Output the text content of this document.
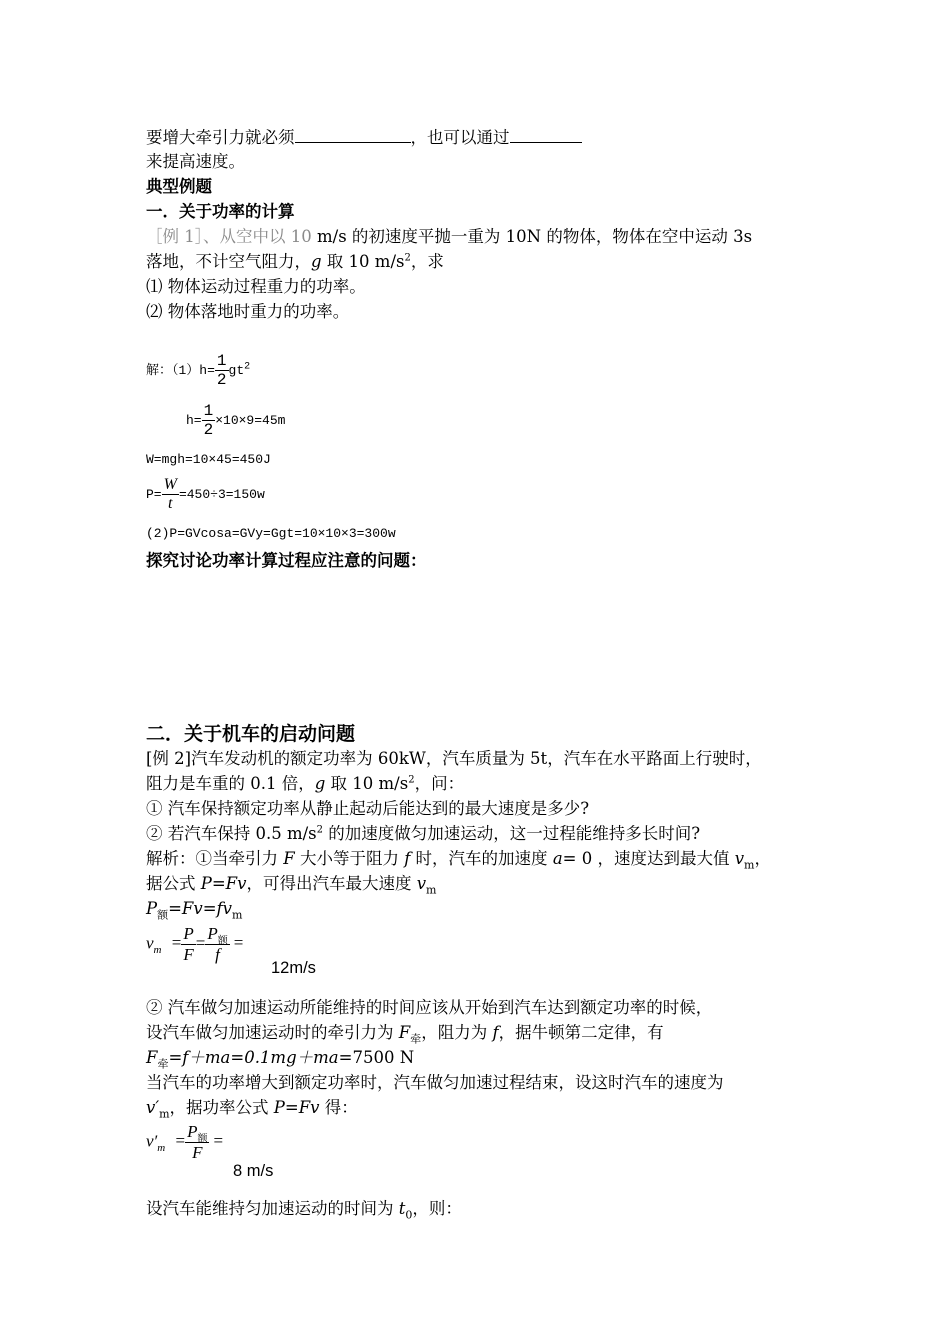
要增大牵引力就必须	，也可以通过
来提高速度。
典型例题
一．关于功率的计算
［例 1］、从空中以 10 m/s 的初速度平抛一重为 10N 的物体，物体在空中运动 3s
落地，不计空气阻力，g 取 10 $m/s^2$，求
⑴ 物体运动过程重力的功率。
⑵ 物体落地时重力的功率。
解：$(1)h= \frac{1}{2} gt^2$
$h= \frac{1}{2} \times 10\times 9=45m$
W=mgh=10×45=450J
$P= \frac{W}{t} =450\div 3=150w$
(2)P=GVcosa=GVy=Ggt=10×10×3=300w
探究讨论功率计算过程应注意的问题：
二．关于机车的启动问题
[例 2]汽车发动机的额定功率为 60kW，汽车质量为 5t，汽车在水平路面上行驶时，
阻力是车重的 0.1 倍，g 取 10 $m/s^2$，问：
① 汽车保持额定功率从静止起动后能达到的最大速度是多少?
② 若汽车保持 0.5 $m/s^2$ 的加速度做匀加速运动，这一过程能维持多长时间?
解析：①当牵引力 F 大小等于阻力 f 时，汽车的加速度 a= 0 ，速度达到最大值 $v_m$，
据公式 P=Fv，可得出汽车最大速度 $v_m$
$P_额=Fv=fv_m$
$v_m = \frac{P}{F} = \frac{P_额}{f}$ =
12m/s
② 汽车做匀加速运动所能维持的时间应该从开始到汽车达到额定功率的时候，
设汽车做匀加速运动时的牵引力为 $F_牵$，阻力为 f，据牛顿第二定律，有
$F_牵=f+ma=0.1mg+ma=7500$ N
当汽车的功率增大到额定功率时，汽车做匀加速过程结束，设这时汽车的速度为
$v'_m$，据功率公式 P=Fv 得：
$v'_m = \frac{P_额}{F}$ =
8 m/s
设汽车能维持匀加速运动的时间为 $t_0$，则：
